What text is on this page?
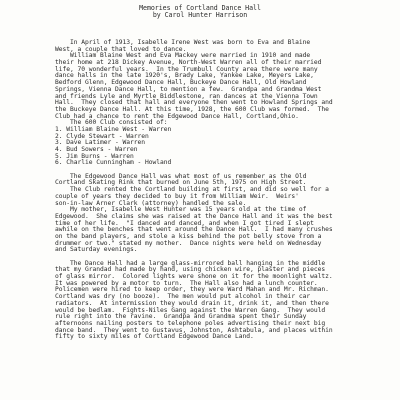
Memories of Cortland Dance Hall
by Carol Hunter Harrison
In April of 1913, Isabelle Irene West was born to Eva and Blaine
West, a couple that loved to dance.
William Blaine West and Eva Mackey were married in 1910 and made
their home at 218 Dickey Avenue, North-West Warren all of their married
life, 70 wonderful years.  In the Trumbull County area there were many
dance halls in the late 1920's, Brady Lake, Yankee Lake, Meyers Lake,
Bedford Glenn, Edgewood Dance Hall, Buckeye Dance Hall, Old Howland
Springs, Vienna Dance Hall, to mention a few.  Grandpa and Grandma West
and friends Lyle and Myrtle Biddlestone, ran dances at the Vienna Town
Hall.  They closed that hall and everyone then went to Howland Springs and
the Buckeye Dance Hall. At this time, 1928, the 600 Club was formed.  The
Club had a chance to rent the Edgewood Dance Hall, Cortland,Ohio.
The 600 Club consisted of:
1. William Blaine West - Warren
2. Clyde Stewart - Warren
3. Dave Latimer - Warren
4. Bud Sowers - Warren
5. Jim Burns - Warren
6. Charlie Cunningham - Howland
The Edgewood Dance Hall was what most of us remember as the Old
Cortland Skating Rink that burned on June 5th, 1975 on High Street.
The Club rented the Cortland building at first, and did so well for a
couple of years they decided to buy it from William Weir.  Weirs'
son-in-law Arner Clark (attorney) handled the sale.
My mother, Isabelle West Hunter was 15 years old at the time of
Edgewood.  She claims she was raised at the Dance Hall and it was the best
time of her life.  "I danced and danced, and when I got tired I slept
awhile on the benches that went around the Dance Hall.  I had many crushes
on the band players, and stole a kiss behind the pot belly stove from a
drummer or two." stated my mother.  Dance nights were held on Wednesday
and Saturday evenings.
The Dance Hall had a large glass-mirrored ball hanging in the middle
that my Grandad had made by hand, using chicken wire, plaster and pieces
of glass mirror.  Colored lights were shone on it for the moonlight waltz.
It was powered by a motor to turn.  The Hall also had a lunch counter.
Policemen were hired to keep order, they were Ward Mahan and Mr. Richman.
Cortland was dry (no booze).  The men would put alcohol in their car
radiators.  At intermission they would drain it, drink it, and then there
would be bedlam.  Fights-Niles Gang against the Warren Gang.  They would
rule right into the ravine.  Grandpa and Grandma spent their Sunday
afternoons nailing posters to telephone poles advertising their next big
dance band.  They went to Gustavus, Johnston, Ashtabula, and places within
fifty to sixty miles of Cortland Edgewood Dance Land.
